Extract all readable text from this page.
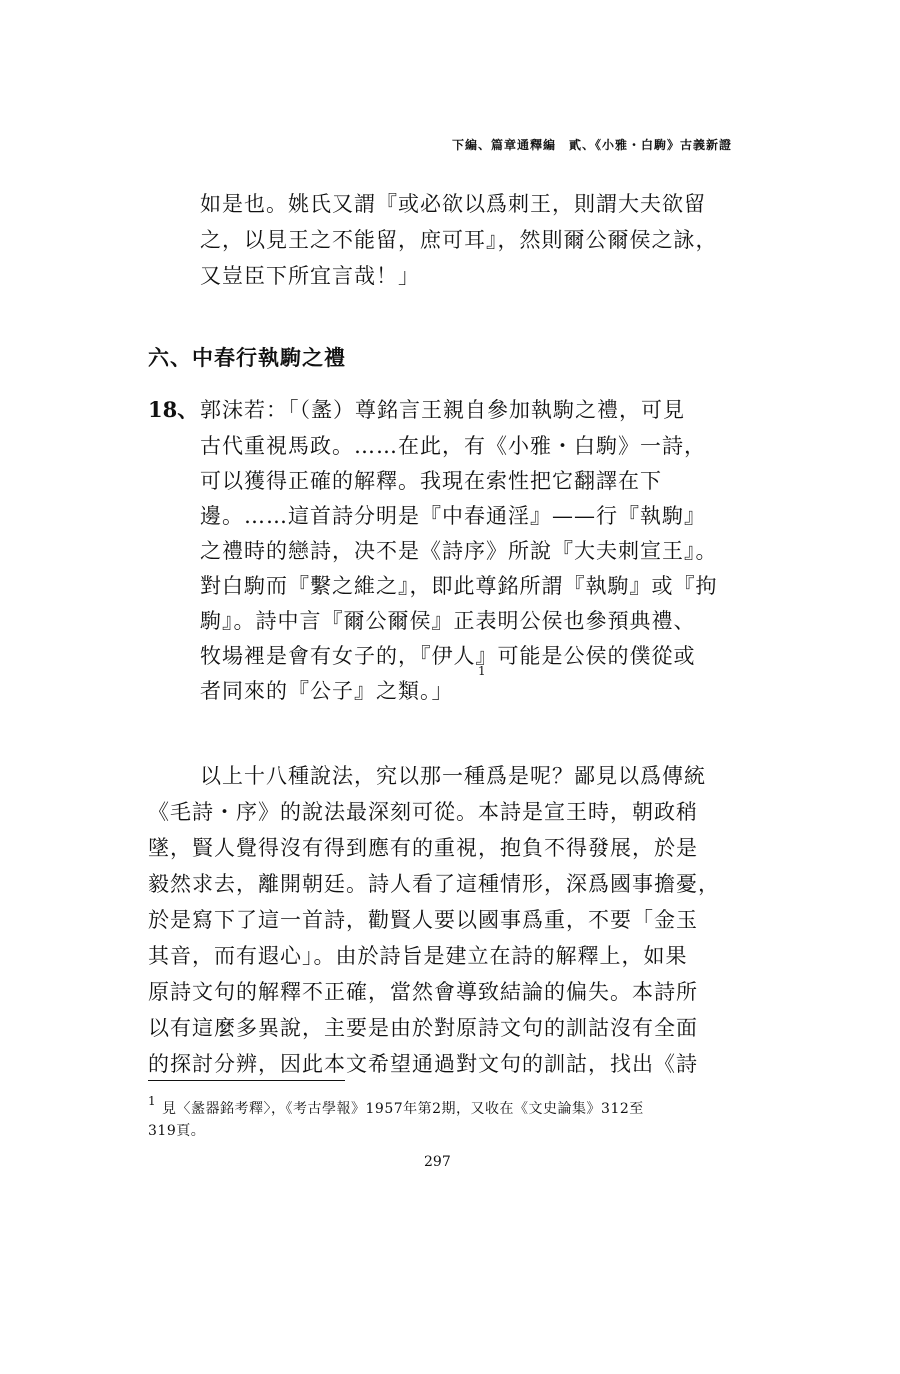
下編、篇章通釋編　貳、《小雅・白駒》古義新證
如是也。姚氏又謂『或必欲以爲刺王，則謂大夫欲留
之，以見王之不能留，庶可耳』，然則爾公爾侯之詠，
又豈臣下所宜言哉！」
六、中春行執駒之禮
18、 郭沫若：「（盠）尊銘言王親自參加執駒之禮，可見
古代重視馬政。……在此，有《小雅・白駒》一詩，
可以獲得正確的解釋。我現在索性把它翻譯在下
邊。……這首詩分明是『中春通淫』——行『執駒』
之禮時的戀詩，决不是《詩序》所說『大夫刺宣王』。
對白駒而『繫之維之』，即此尊銘所謂『執駒』或『拘
駒』。詩中言『爾公爾侯』正表明公侯也參預典禮、
牧場裡是會有女子的，『伊人』可能是公侯的僕從或
者同來的『公子』之類。」
1
以上十八種說法，究以那一種爲是呢？鄙見以爲傳統
《毛詩・序》的說法最深刻可從。本詩是宣王時，朝政稍
墜，賢人覺得沒有得到應有的重視，抱負不得發展，於是
毅然求去，離開朝廷。詩人看了這種情形，深爲國事擔憂，
於是寫下了這一首詩，勸賢人要以國事爲重，不要「金玉
其音，而有遐心」。由於詩旨是建立在詩的解釋上，如果
原詩文句的解釋不正確，當然會導致結論的偏失。本詩所
以有這麼多異說，主要是由於對原詩文句的訓詁沒有全面
的探討分辨，因此本文希望通過對文句的訓詁，找出《詩
1 見〈盠器銘考釋〉，《考古學報》1957年第2期，又收在《文史論集》312至
319頁。
297
